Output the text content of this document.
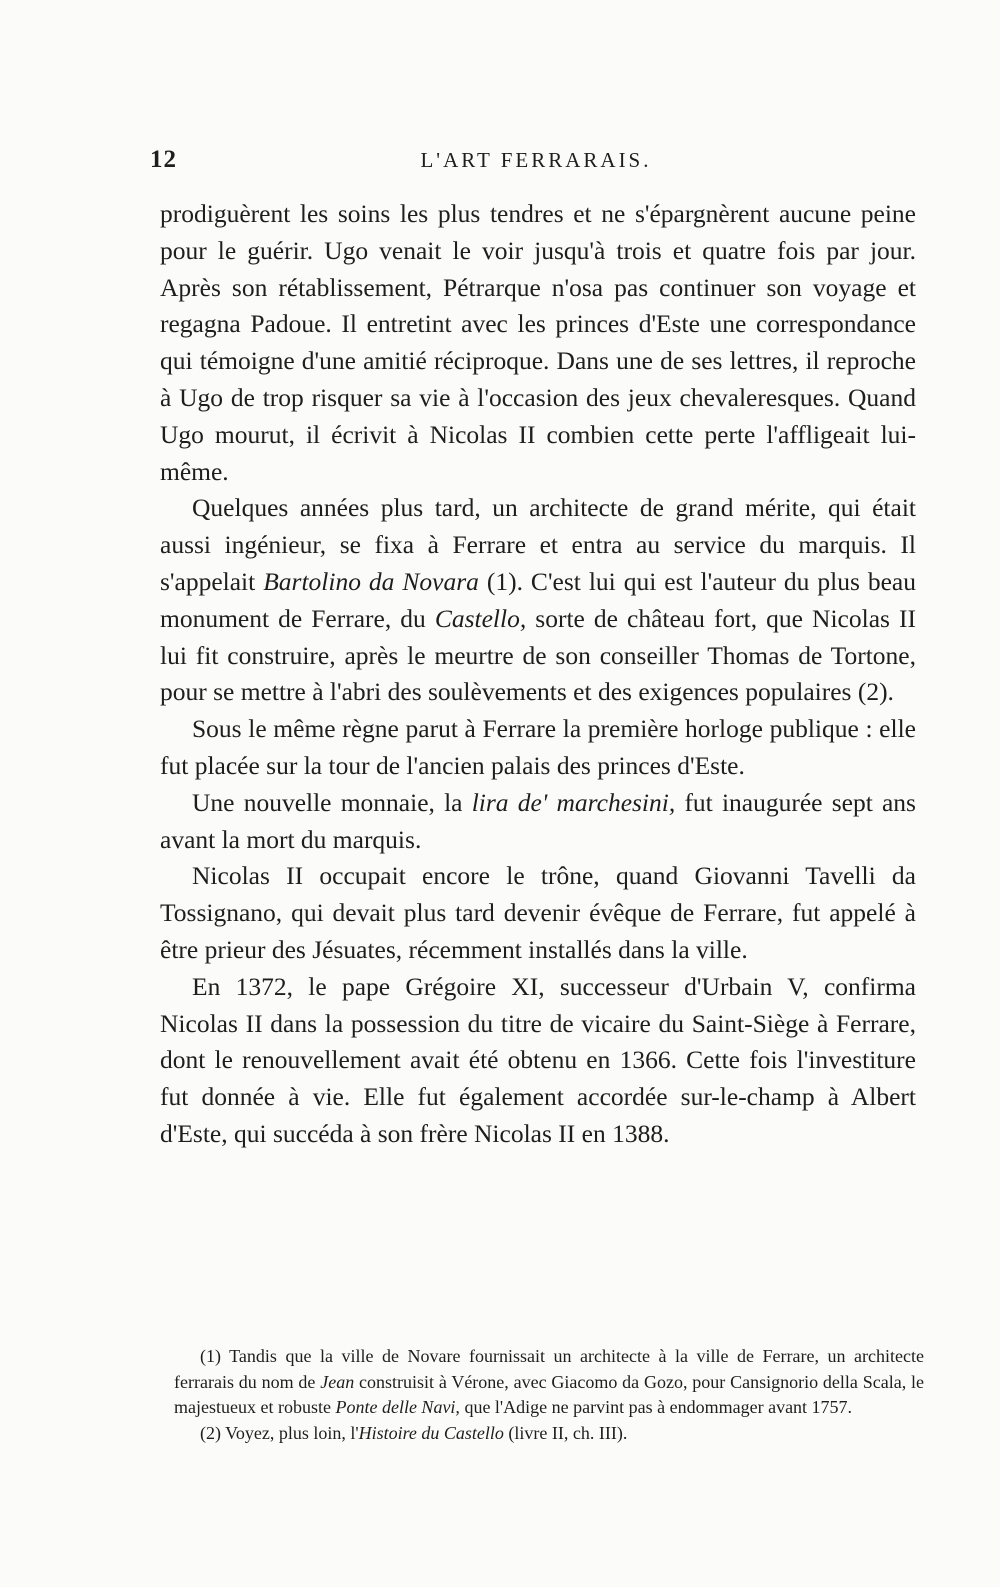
12	L'ART FERRARAIS.

prodiguèrent les soins les plus tendres et ne s'épargnèrent aucune peine pour le guérir. Ugo venait le voir jusqu'à trois et quatre fois par jour. Après son rétablissement, Pétrarque n'osa pas continuer son voyage et regagna Padoue. Il entretint avec les princes d'Este une correspondance qui témoigne d'une amitié réciproque. Dans une de ses lettres, il reproche à Ugo de trop risquer sa vie à l'occasion des jeux chevaleresques. Quand Ugo mourut, il écrivit à Nicolas II combien cette perte l'affligeait lui-même.

Quelques années plus tard, un architecte de grand mérite, qui était aussi ingénieur, se fixa à Ferrare et entra au service du marquis. Il s'appelait Bartolino da Novara (1). C'est lui qui est l'auteur du plus beau monument de Ferrare, du Castello, sorte de château fort, que Nicolas II lui fit construire, après le meurtre de son conseiller Thomas de Tortone, pour se mettre à l'abri des soulèvements et des exigences populaires (2).

Sous le même règne parut à Ferrare la première horloge publique : elle fut placée sur la tour de l'ancien palais des princes d'Este.

Une nouvelle monnaie, la lira de' marchesini, fut inaugurée sept ans avant la mort du marquis.

Nicolas II occupait encore le trône, quand Giovanni Tavelli da Tossignano, qui devait plus tard devenir évêque de Ferrare, fut appelé à être prieur des Jésuates, récemment installés dans la ville.

En 1372, le pape Grégoire XI, successeur d'Urbain V, confirma Nicolas II dans la possession du titre de vicaire du Saint-Siège à Ferrare, dont le renouvellement avait été obtenu en 1366. Cette fois l'investiture fut donnée à vie. Elle fut également accordée sur-le-champ à Albert d'Este, qui succéda à son frère Nicolas II en 1388.

(1) Tandis que la ville de Novare fournissait un architecte à la ville de Ferrare, un architecte ferrarais du nom de Jean construisit à Vérone, avec Giacomo da Gozo, pour Cansignorio della Scala, le majestueux et robuste Ponte delle Navi, que l'Adige ne parvint pas à endommager avant 1757.

(2) Voyez, plus loin, l'Histoire du Castello (livre II, ch. III).
